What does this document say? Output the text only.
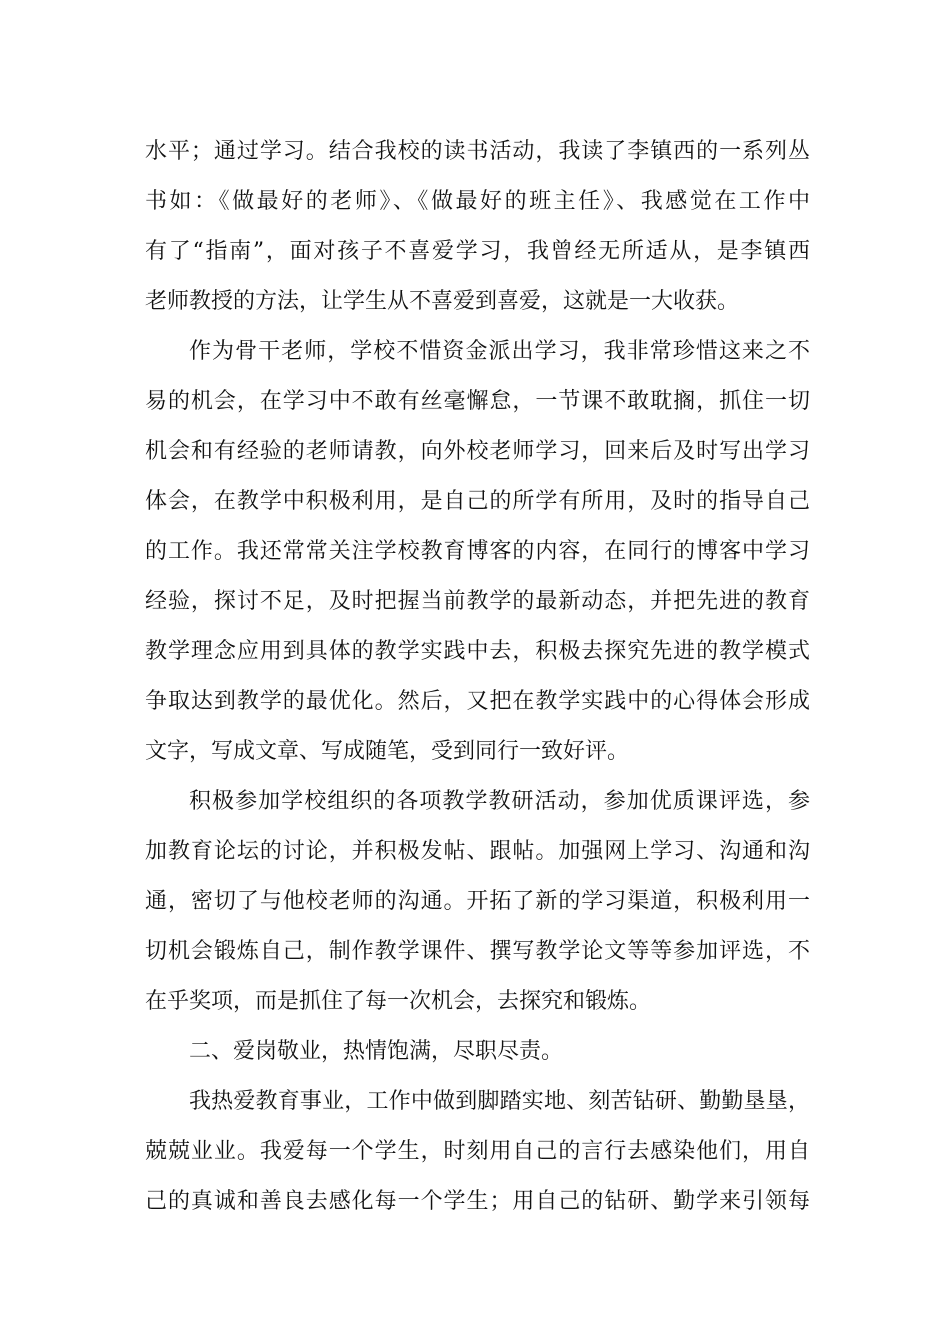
水平；通过学习。结合我校的读书活动，我读了李镇西的一系列丛
书如：《做最好的老师》、《做最好的班主任》、我感觉在工作中
有了“指南”，面对孩子不喜爱学习，我曾经无所适从，是李镇西
老师教授的方法，让学生从不喜爱到喜爱，这就是一大收获。
作为骨干老师，学校不惜资金派出学习，我非常珍惜这来之不
易的机会，在学习中不敢有丝毫懈怠，一节课不敢耽搁，抓住一切
机会和有经验的老师请教，向外校老师学习，回来后及时写出学习
体会，在教学中积极利用，是自己的所学有所用，及时的指导自己
的工作。我还常常关注学校教育博客的内容，在同行的博客中学习
经验，探讨不足，及时把握当前教学的最新动态，并把先进的教育
教学理念应用到具体的教学实践中去，积极去探究先进的教学模式
争取达到教学的最优化。然后，又把在教学实践中的心得体会形成
文字，写成文章、写成随笔，受到同行一致好评。
积极参加学校组织的各项教学教研活动，参加优质课评选，参
加教育论坛的讨论，并积极发帖、跟帖。加强网上学习、沟通和沟
通，密切了与他校老师的沟通。开拓了新的学习渠道，积极利用一
切机会锻炼自己，制作教学课件、撰写教学论文等等参加评选，不
在乎奖项，而是抓住了每一次机会，去探究和锻炼。
二、爱岗敬业，热情饱满，尽职尽责。
我热爱教育事业，工作中做到脚踏实地、刻苦钻研、勤勤垦垦，
兢兢业业。我爱每一个学生，时刻用自己的言行去感染他们，用自
己的真诚和善良去感化每一个学生；用自己的钻研、勤学来引领每
